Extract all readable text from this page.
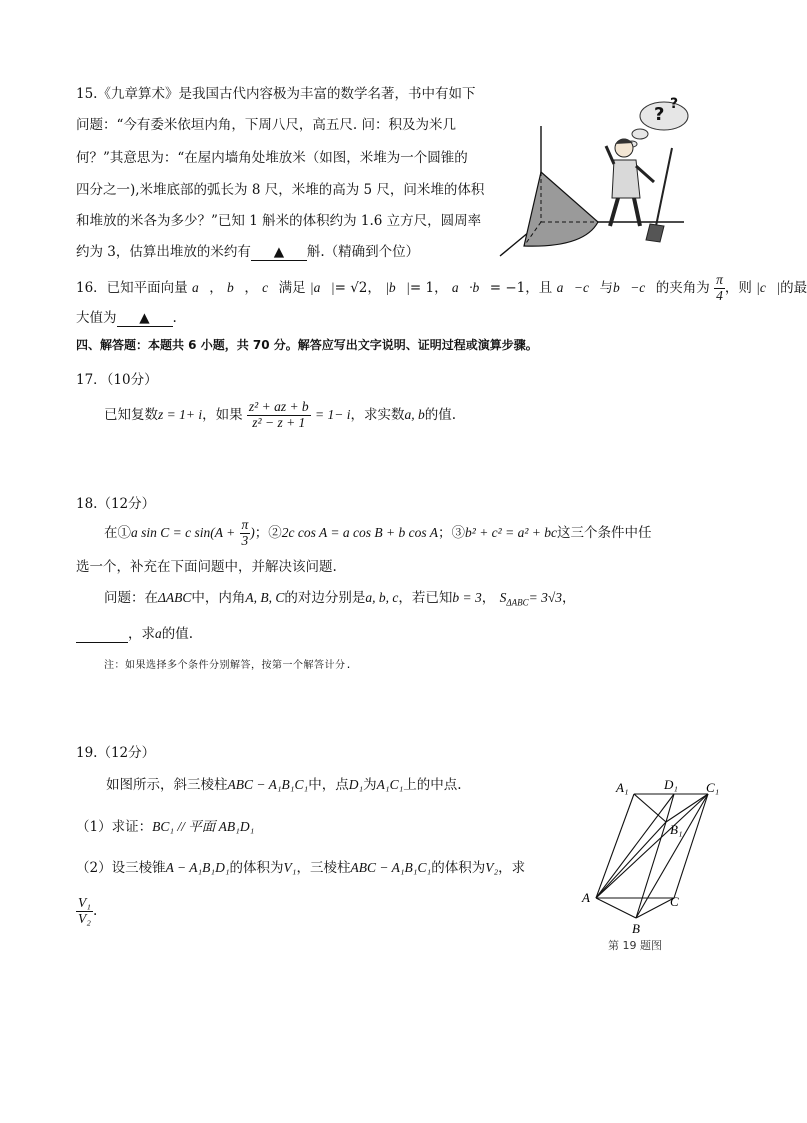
15.《九章算术》是我国古代内容极为丰富的数学名著，书中有如下
问题：“今有委米依垣内角，下周八尺，高五尺. 问：积及为米几
何？”其意思为：“在屋内墙角处堆放米（如图，米堆为一个圆锥的
四分之一),米堆底部的弧长为 8 尺，米堆的高为 5 尺，问米堆的体积
和堆放的米各为多少？”已知 1 斛米的体积约为 1.6 立方尺，圆周率
约为 3，估算出堆放的米约有 ▲ 斛.（精确到个位）
? ?
16．已知平面向量 a⃗， b⃗， c⃗满足 |a⃗|= √2， |b⃗|= 1， a⃗·b⃗= −1，且 a⃗−c⃗与b⃗−c⃗的夹角为 $\frac{\pi}{4}$ ，则 |c⃗|的最
大值为 ▲ .
四、解答题：本题共 6 小题，共 70 分。解答应写出文字说明、证明过程或演算步骤。
17．（10分）
已知复数z = 1+ i，如果 $\frac{\text{z² + az + b}}{\text{z² − z + 1}} = 1- i$，求实数a, b的值.
18.（12分）
在①a sin C = c $\sin(A + \frac{\pi}{3}$ )；②2c cos A = a cos B + b cos A；③b² + c² = a² + bc这三个条件中任
选一个，补充在下面问题中，并解决该问题.
问题：在ΔABC中，内角A, B, C的对边分别是a, b, c，若已知b = 3， $S_{\Delta ABC}= 3√3$，
，求a的值.
注：如果选择多个条件分别解答，按第一个解答计分.
19.（12分）
如图所示，斜三棱柱ABC − A₁B₁C₁中，点D₁为A₁C₁上的中点.
（1）求证：BC₁ // 平面 AB₁D₁
（2）设三棱锥A − A₁B₁D₁的体积为V₁，三棱柱ABC − A₁B₁C₁的体积为V₂，求
$\frac{\text{V₁}}{\text{V₂}}$ .
A₁	D₁ C₁
B₁
A	C
B
第 19 题图
